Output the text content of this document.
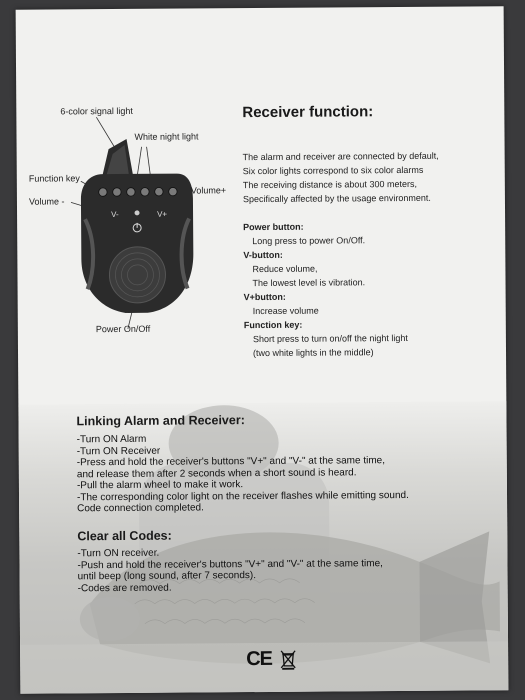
V-	V+
6-color signal light
White night light
Function key
Volume -
Volume+
Power On/Off
Receiver function:
The alarm and receiver are connected by default,
Six color lights correspond to six color alarms
The receiving distance is about 300 meters,
Specifically affected by the usage environment.
Power button:
Long press to power On/Off.
V-button:
Reduce volume,
The lowest level is vibration.
V+button:
Increase volume
Function key:
Short press to turn on/off the night light
(two white lights in the middle)
Linking Alarm and Receiver:
-Turn ON Alarm
-Turn ON Receiver
-Press and hold the receiver's buttons "V+" and "V-" at the same time,
and release them after 2 seconds when a short sound is heard.
-Pull the alarm wheel to make it work.
-The corresponding color light on the receiver flashes while emitting sound.
Code connection completed.
Clear all Codes:
-Turn ON receiver.
-Push and hold the receiver's buttons "V+" and "V-" at the same time,
until beep (long sound, after 7 seconds).
-Codes are removed.
CE
